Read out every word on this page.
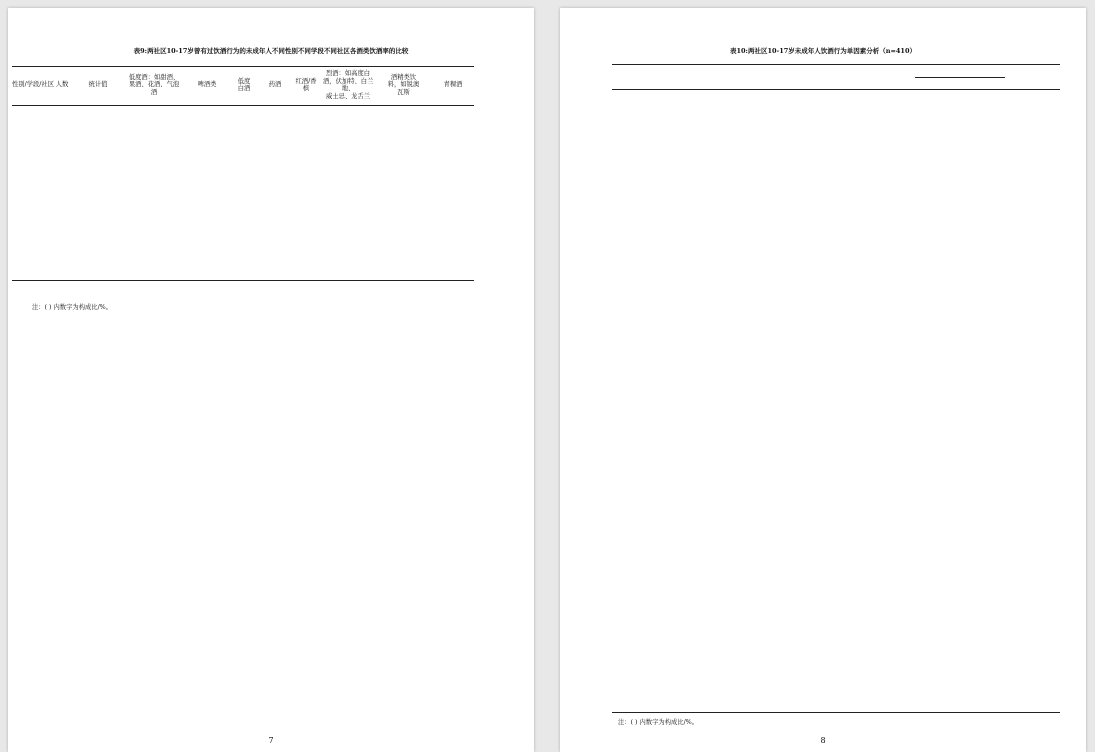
表9:两社区10-17岁曾有过饮酒行为的未成年人不同性别不同学段不同社区各酒类饮酒率的比较
性别/学段/社区 人数	统计值
低度酒：如甜酒、
果酒、花酒、气泡
酒
啤酒类
低度
白酒
药酒
红酒/香
槟
烈酒：如高度白
酒，伏加特、白兰
地、
威士忌、龙舌兰
酒精类饮
料，如锐澳
瓦斯
青稞酒
注：( ) 内数字为构成比/%。
7
表10:两社区10-17岁未成年人饮酒行为单因素分析（n=410）
注：( ) 内数字为构成比/%。
8
